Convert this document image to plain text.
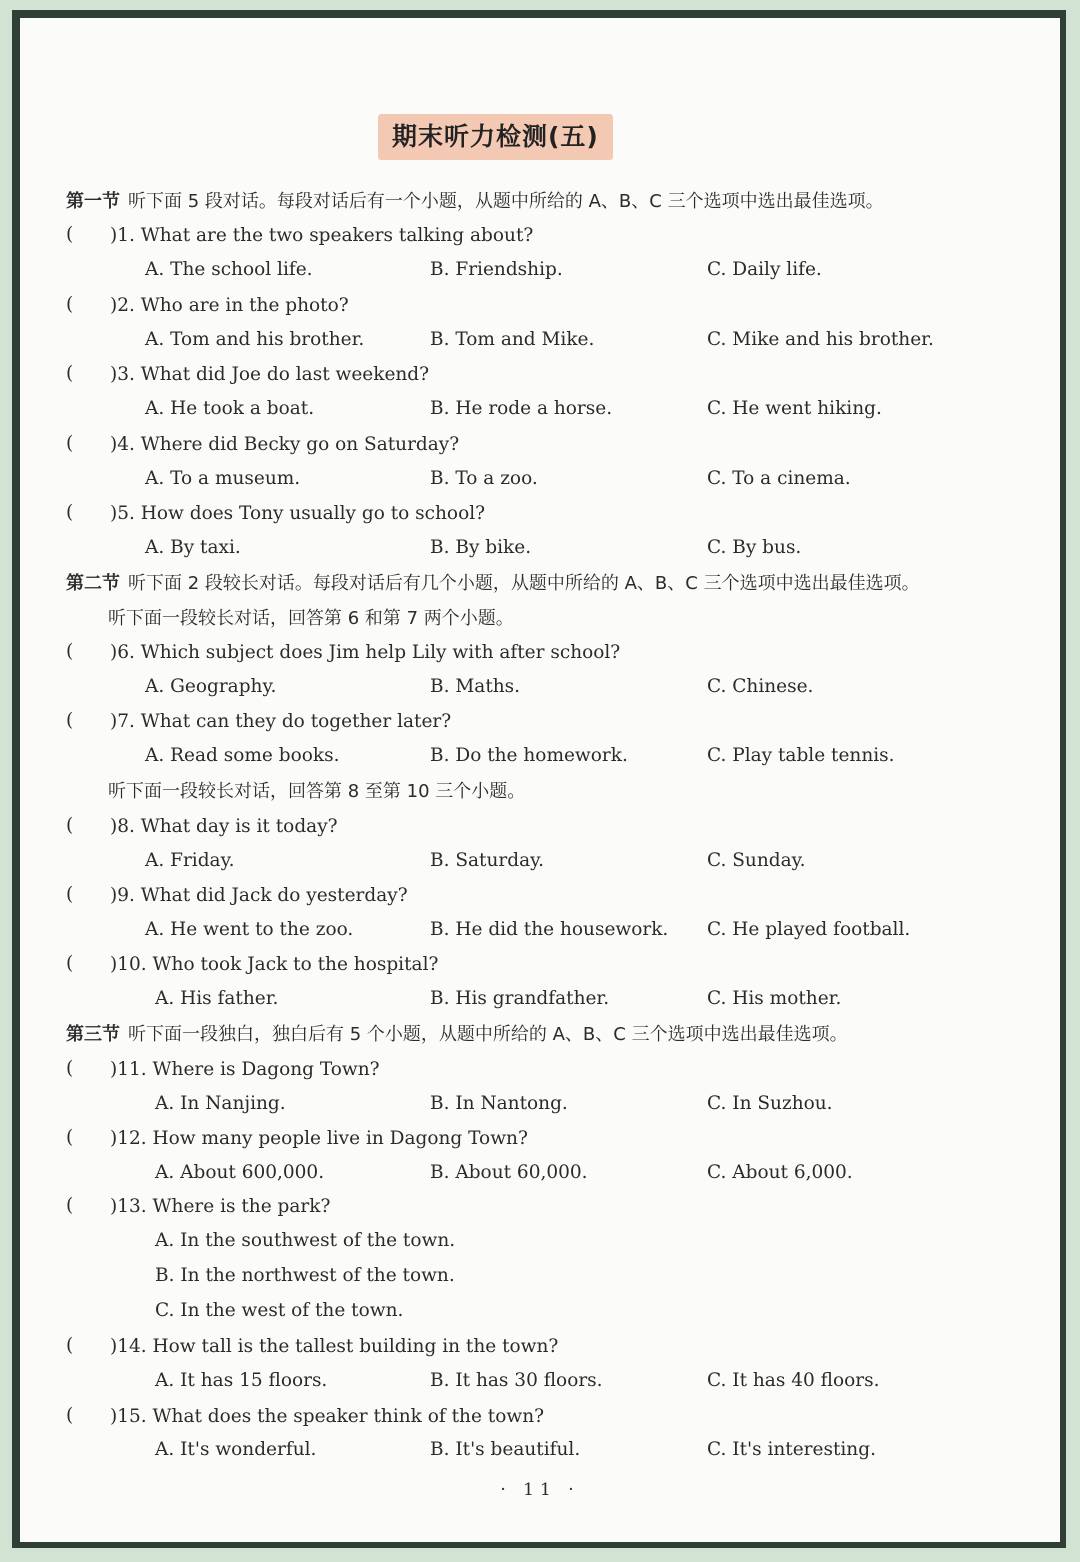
期末听力检测(五)
第一节 听下面 5 段对话。每段对话后有一个小题，从题中所给的 A、B、C 三个选项中选出最佳选项。
( )1. What are the two speakers talking about?
A. The school life.	B. Friendship.	C. Daily life.
( )2. Who are in the photo?
A. Tom and his brother.	B. Tom and Mike.	C. Mike and his brother.
( )3. What did Joe do last weekend?
A. He took a boat.	B. He rode a horse.	C. He went hiking.
( )4. Where did Becky go on Saturday?
A. To a museum.	B. To a zoo.	C. To a cinema.
( )5. How does Tony usually go to school?
A. By taxi.	B. By bike.	C. By bus.
第二节 听下面 2 段较长对话。每段对话后有几个小题，从题中所给的 A、B、C 三个选项中选出最佳选项。
听下面一段较长对话，回答第 6 和第 7 两个小题。
( )6. Which subject does Jim help Lily with after school?
A. Geography.	B. Maths.	C. Chinese.
( )7. What can they do together later?
A. Read some books.	B. Do the homework.	C. Play table tennis.
听下面一段较长对话，回答第 8 至第 10 三个小题。
( )8. What day is it today?
A. Friday.	B. Saturday.	C. Sunday.
( )9. What did Jack do yesterday?
A. He went to the zoo.	B. He did the housework. C. He played football.
( )10. Who took Jack to the hospital?
A. His father.	B. His grandfather.	C. His mother.
第三节 听下面一段独白，独白后有 5 个小题，从题中所给的 A、B、C 三个选项中选出最佳选项。
( )11. Where is Dagong Town?
A. In Nanjing.	B. In Nantong.	C. In Suzhou.
( )12. How many people live in Dagong Town?
A. About 600,000.	B. About 60,000.	C. About 6,000.
( )13. Where is the park?
A. In the southwest of the town.
B. In the northwest of the town.
C. In the west of the town.
( )14. How tall is the tallest building in the town?
A. It has 15 floors.	B. It has 30 floors.	C. It has 40 floors.
( )15. What does the speaker think of the town?
A. It's wonderful.	B. It's beautiful.	C. It's interesting.
· 11 ·
